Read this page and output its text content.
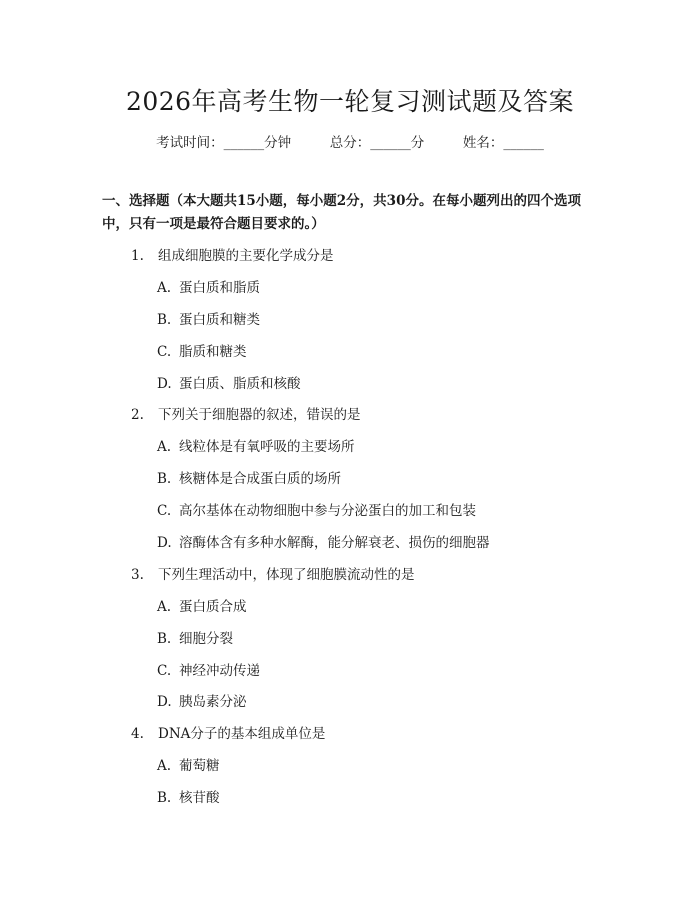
2026年高考生物一轮复习测试题及答案
考试时间：______分钟	总分：______分	姓名：______
一、选择题（本大题共15小题，每小题2分，共30分。在每小题列出的四个选项中，只有一项是最符合题目要求的。）
1. 组成细胞膜的主要化学成分是
A. 蛋白质和脂质
B. 蛋白质和糖类
C. 脂质和糖类
D. 蛋白质、脂质和核酸
2. 下列关于细胞器的叙述，错误的是
A. 线粒体是有氧呼吸的主要场所
B. 核糖体是合成蛋白质的场所
C. 高尔基体在动物细胞中参与分泌蛋白的加工和包装
D. 溶酶体含有多种水解酶，能分解衰老、损伤的细胞器
3. 下列生理活动中，体现了细胞膜流动性的是
A. 蛋白质合成
B. 细胞分裂
C. 神经冲动传递
D. 胰岛素分泌
4. DNA分子的基本组成单位是
A. 葡萄糖
B. 核苷酸
